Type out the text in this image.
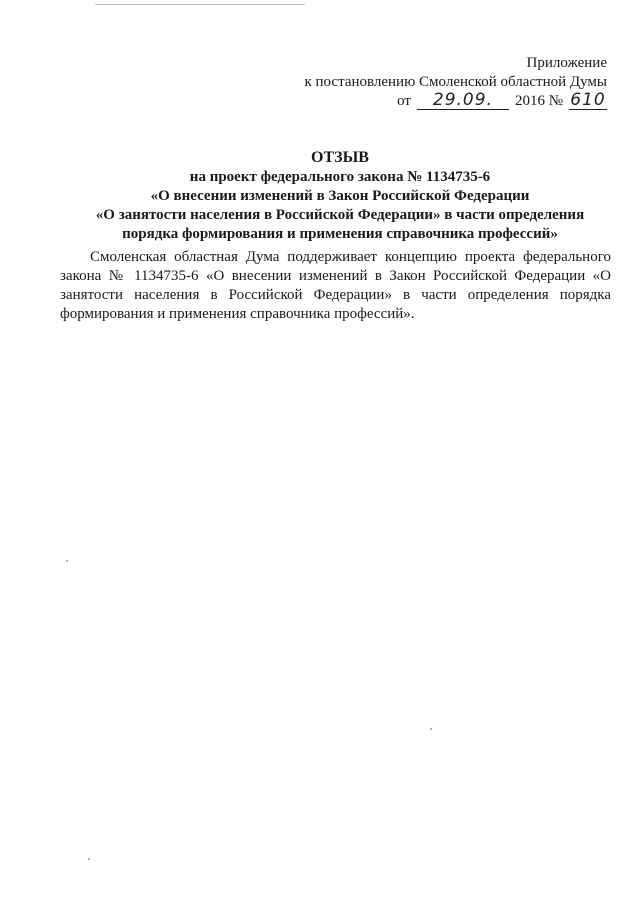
Приложение
к постановлению Смоленской областной Думы
от	29.09.	2016 № 610
ОТЗЫВ
на проект федерального закона № 1134735-6
«О внесении изменений в Закон Российской Федерации
«О занятости населения в Российской Федерации» в части определения
порядка формирования и применения справочника профессий»

Смоленская областная Дума поддерживает концепцию проекта федерального закона № 1134735-6 «О внесении изменений в Закон Российской Федерации «О занятости населения в Российской Федерации» в части определения порядка формирования и применения справочника профессий».
